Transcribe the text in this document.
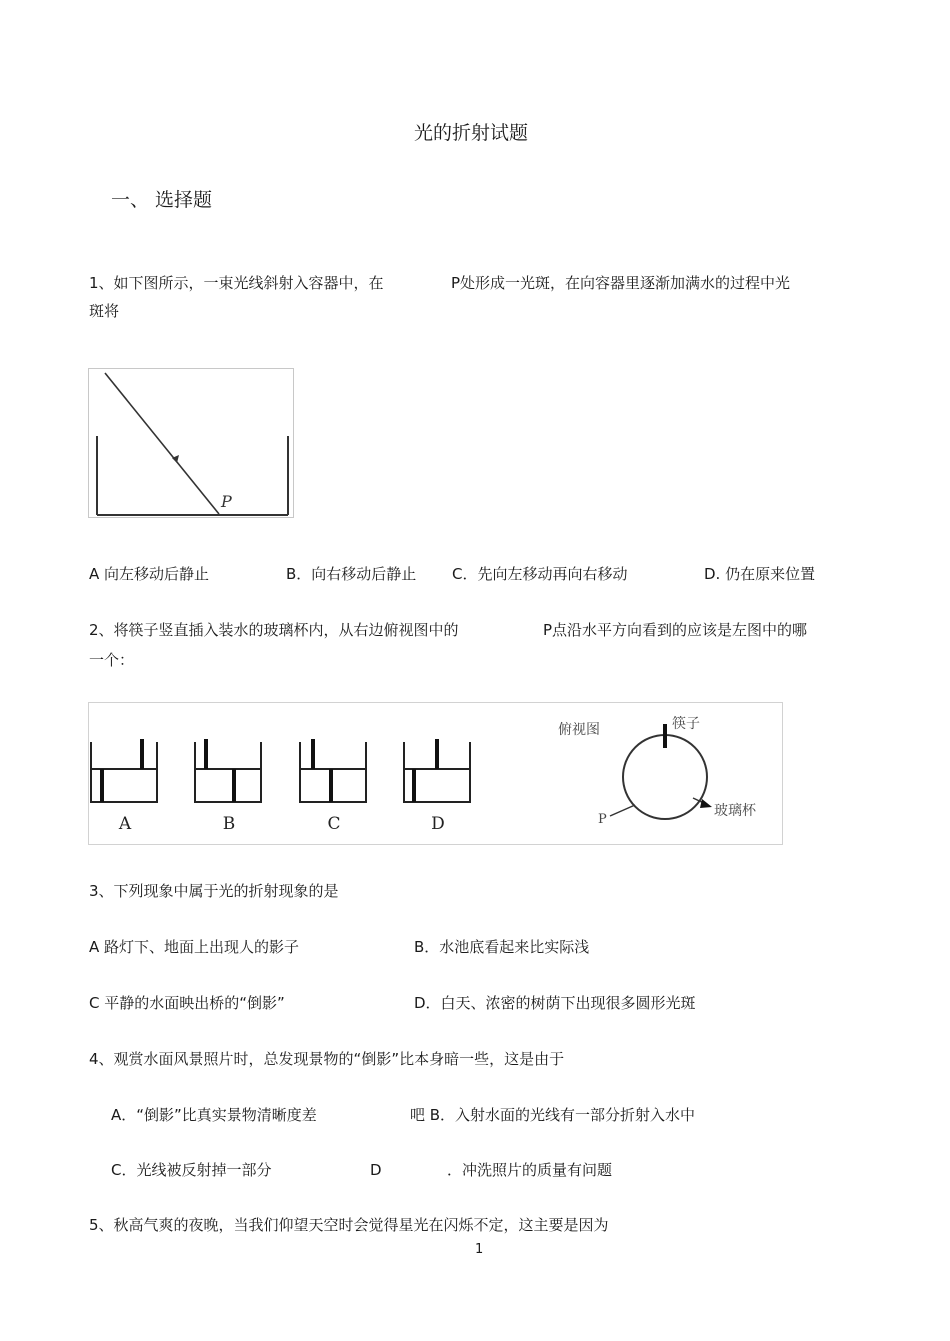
光的折射试题
一、 选择题
1、如下图所示，一束光线斜射入容器中，在	P处形成一光斑，在向容器里逐渐加满水的过程中光
斑将
P
A 向左移动后静止	B．向右移动后静止 C．先向左移动再向右移动	D. 仍在原来位置
2、将筷子竖直插入装水的玻璃杯内，从右边俯视图中的	P点沿水平方向看到的应该是左图中的哪
一个：
A	B	C	D
俯视图	筷子
玻璃杯
P
3、下列现象中属于光的折射现象的是
A 路灯下、地面上出现人的影子	B．水池底看起来比实际浅
C 平静的水面映出桥的“倒影”	D．白天、浓密的树荫下出现很多圆形光斑
4、观赏水面风景照片时，总发现景物的“倒影”比本身暗一些，这是由于
A．“倒影”比真实景物清晰度差	吧 B．入射水面的光线有一部分折射入水中
C．光线被反射掉一部分	D	．冲洗照片的质量有问题
5、秋高气爽的夜晚，当我们仰望天空时会觉得星光在闪烁不定，这主要是因为
1
